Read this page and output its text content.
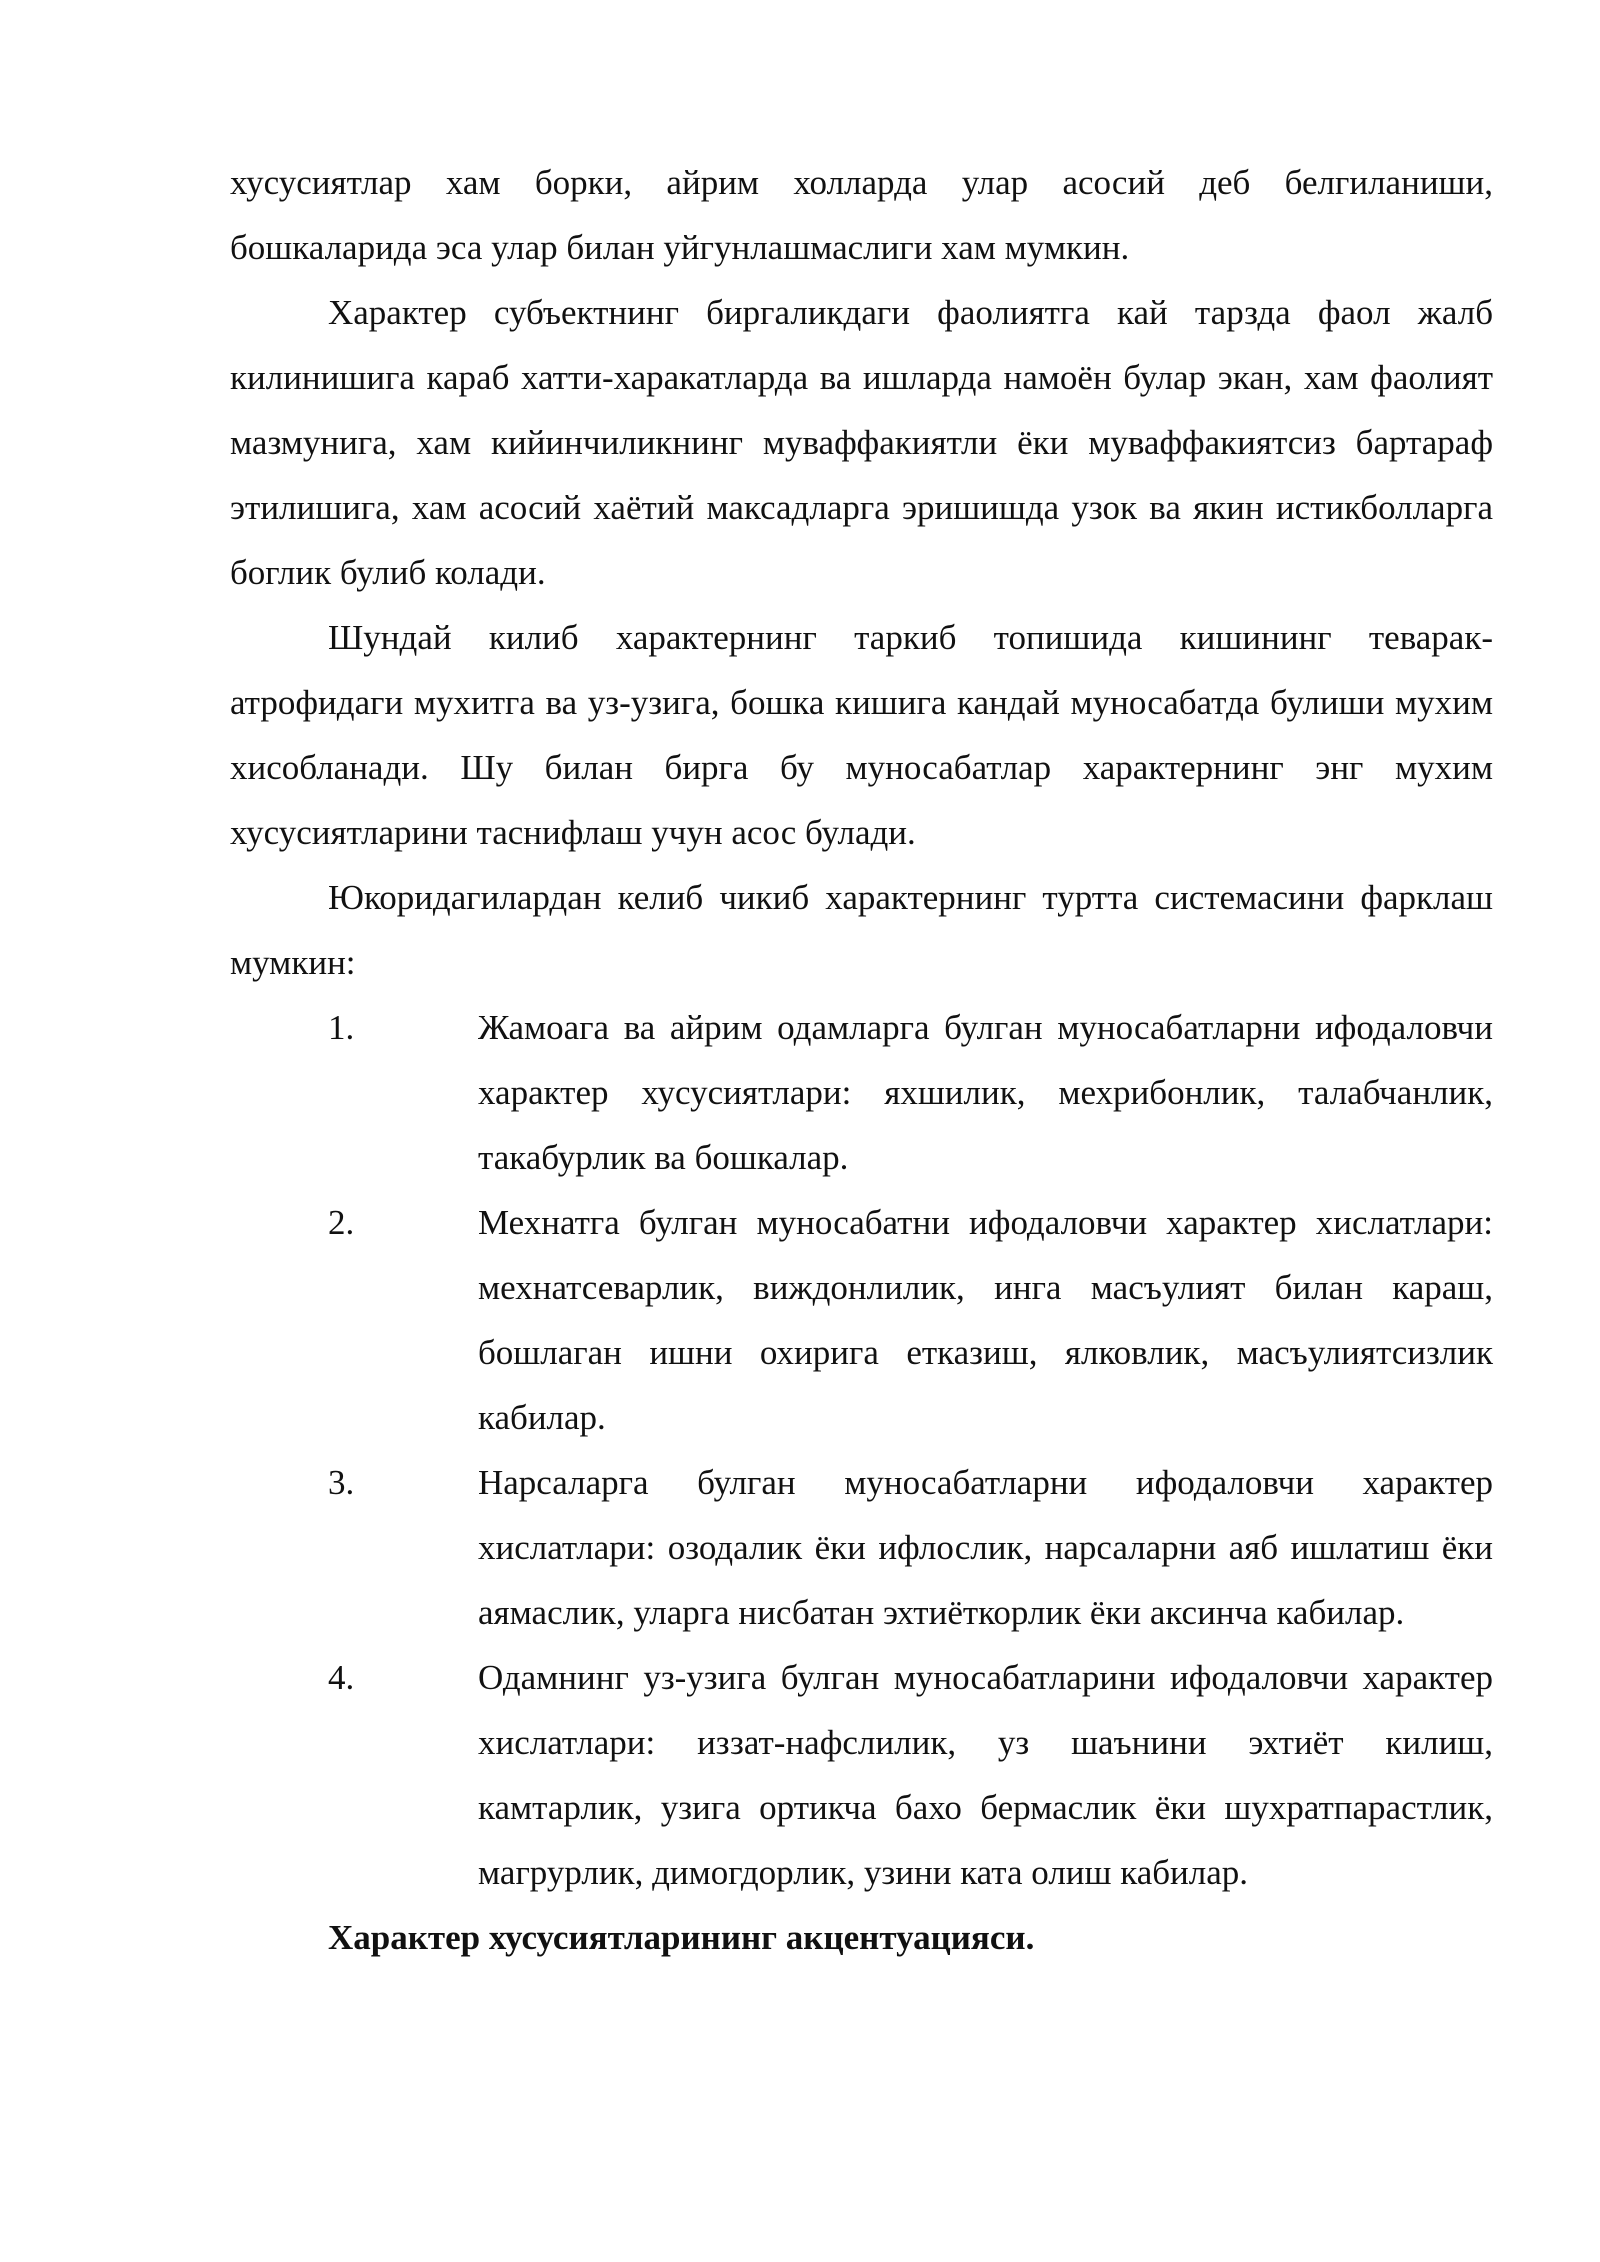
хусусиятлар хам борки, айрим холларда улар асосий деб белгиланиши, бошкаларида эса улар билан уйгунлашмаслиги хам мумкин.

Характер субъектнинг биргаликдаги фаолиятга кай тарзда фаол жалб килинишига караб хатти-харакатларда ва ишларда намоён булар экан, хам фаолият мазмунига, хам кийинчиликнинг муваффакиятли ёки муваффакиятсиз бартараф этилишига, хам асосий хаётий максадларга эришишда узок ва якин истикболларга боглик булиб колади.

Шундай килиб характернинг таркиб топишида кишининг теварак-атрофидаги мухитга ва уз-узига, бошка кишига кандай муносабатда булиши мухим хисобланади. Шу билан бирга бу муносабатлар характернинг энг мухим хусусиятларини таснифлаш учун асос булади.

Юкоридагилардан келиб чикиб характернинг туртта системасини фарклаш мумкин:

1.	Жамоага ва айрим одамларга булган муносабатларни ифодаловчи характер хусусиятлари: яхшилик, мехрибонлик, талабчанлик, такабурлик ва бошкалар.
2.	Мехнатга булган муносабатни ифодаловчи характер хислатлари: мехнатсеварлик, виждонлилик, инга масъулият билан караш, бошлаган ишни охирига етказиш, ялковлик, масъулиятсизлик кабилар.
3.	Нарсаларга булган муносабатларни ифодаловчи характер хислатлари: озодалик ёки ифлослик, нарсаларни аяб ишлатиш ёки аямаслик, уларга нисбатан эхтиёткорлик ёки аксинча кабилар.
4.	Одамнинг уз-узига булган муносабатларини ифодаловчи характер хислатлари: иззат-нафслилик, уз шаънини эхтиёт килиш, камтарлик, узига ортикча бахо бермаслик ёки шухратпарастлик, магрурлик, димогдорлик, узини ката олиш кабилар.

Характер хусусиятларининг акцентуацияси.
